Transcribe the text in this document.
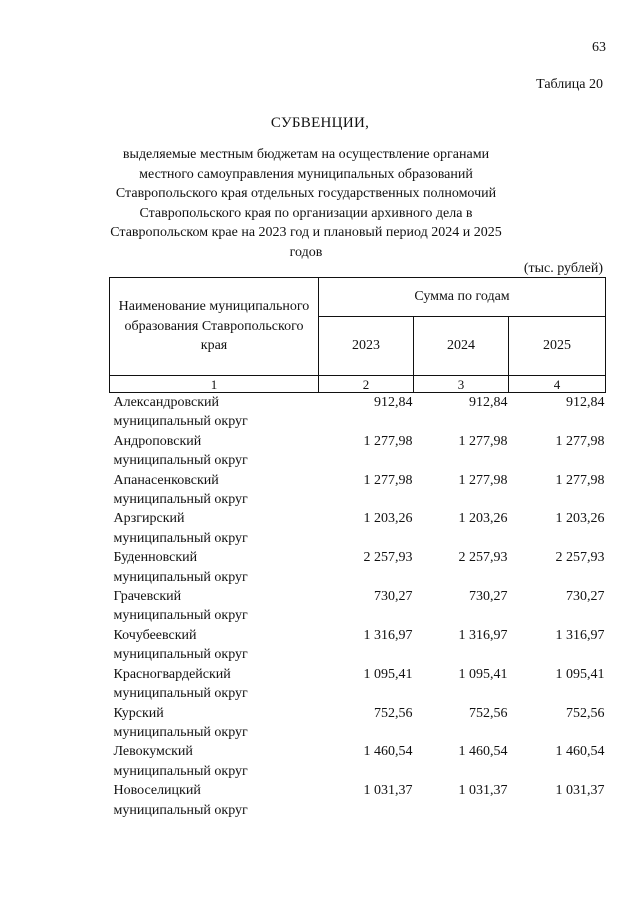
63
Таблица 20
СУБВЕНЦИИ,
выделяемые местным бюджетам на осуществление органами местного самоуправления муниципальных образований Ставропольского края отдельных государственных полномочий Ставропольского края по организации архивного дела в Ставропольском крае на 2023 год и плановый период 2024 и 2025 годов
(тыс. рублей)
Наименование муниципального образования Ставропольского края	Сумма по годам		
	2023	2024	2025
1	2	3	4
Александровский
муниципальный округ	912,84	912,84	912,84
Андроповский
муниципальный округ	1 277,98	1 277,98	1 277,98
Апанасенковский
муниципальный округ	1 277,98	1 277,98	1 277,98
Арзгирский
муниципальный округ	1 203,26	1 203,26	1 203,26
Буденновский
муниципальный округ	2 257,93	2 257,93	2 257,93
Грачевский
муниципальный округ	730,27	730,27	730,27
Кочубеевский
муниципальный округ	1 316,97	1 316,97	1 316,97
Красногвардейский
муниципальный округ	1 095,41	1 095,41	1 095,41
Курский
муниципальный округ	752,56	752,56	752,56
Левокумский
муниципальный округ	1 460,54	1 460,54	1 460,54
Новоселицкий
муниципальный округ	1 031,37	1 031,37	1 031,37
